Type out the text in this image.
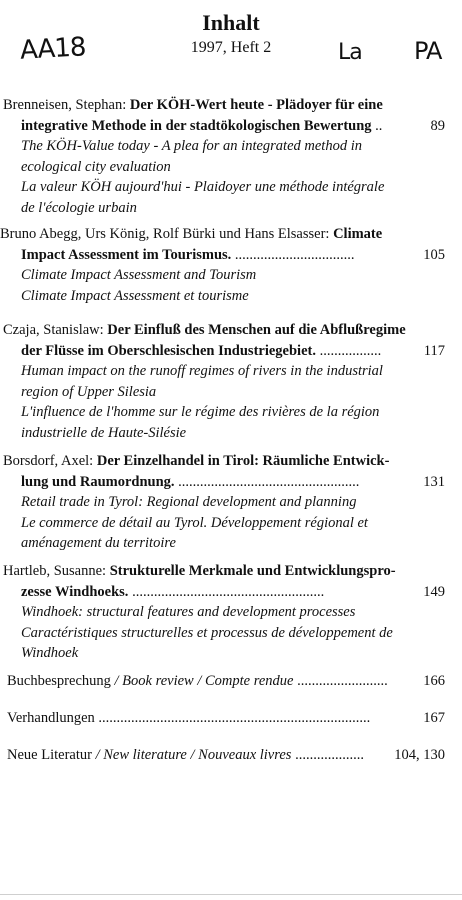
Inhalt
1997, Heft 2
AA18	La PA
Brenneisen, Stephan: Der KÖH-Wert heute - Plädoyer für eine
integrative Methode in der stadtökologischen Bewertung ..	89
The KÖH-Value today - A plea for an integrated method in
ecological city evaluation
La valeur KÖH aujourd'hui - Plaidoyer une méthode intégrale
de l'écologie urbain
Bruno Abegg, Urs König, Rolf Bürki und Hans Elsasser: Climate
Impact Assessment im Tourismus. .................................	105
Climate Impact Assessment and Tourism
Climate Impact Assessment et tourisme
Czaja, Stanislaw: Der Einfluß des Menschen auf die Abflußregime
der Flüsse im Oberschlesischen Industriegebiet. .................	117
Human impact on the runoff regimes of rivers in the industrial
region of Upper Silesia
L'influence de l'homme sur le régime des rivières de la région
industrielle de Haute-Silésie
Borsdorf, Axel: Der Einzelhandel in Tirol: Räumliche Entwick-
lung und Raumordnung. ..................................................	131
Retail trade in Tyrol: Regional development and planning
Le commerce de détail au Tyrol. Développement régional et
aménagement du territoire
Hartleb, Susanne: Strukturelle Merkmale und Entwicklungspro-
zesse Windhoeks. .....................................................	149
Windhoek: structural features and development processes
Caractéristiques structurelles et processus de développement de
Windhoek
Buchbesprechung / Book review / Compte rendue ......................... 166
Verhandlungen ...........................................................................	167
Neue Literatur / New literature / Nouveaux livres ................... 104, 130
